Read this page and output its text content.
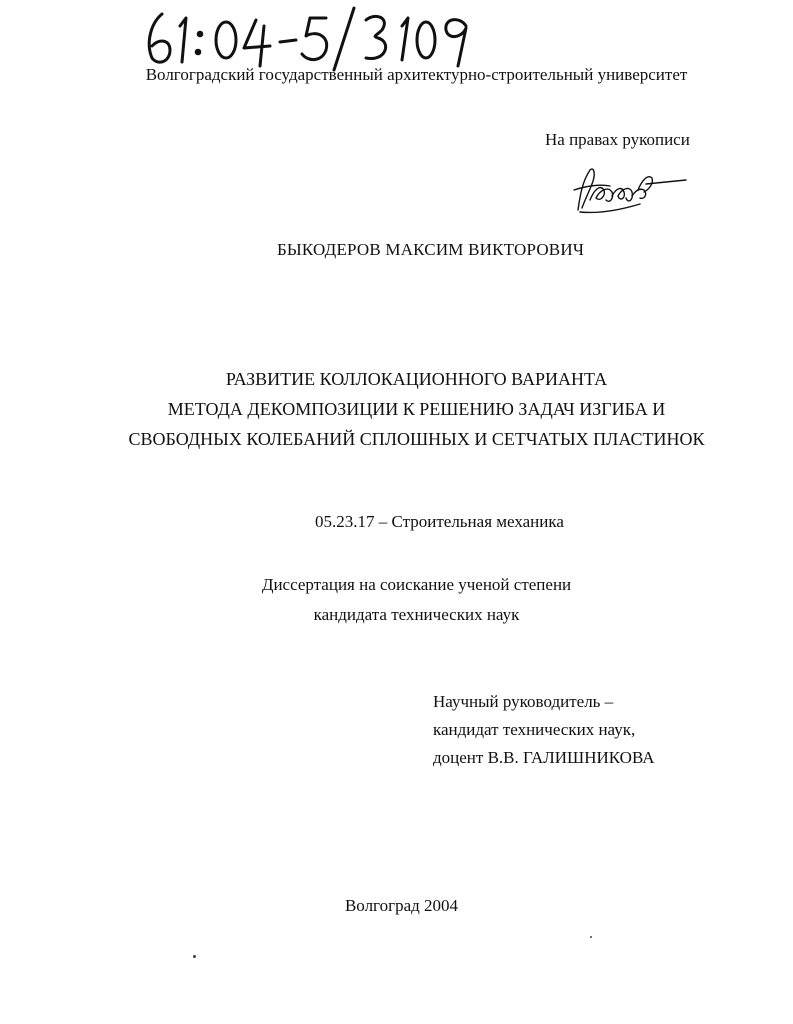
Волгоградский государственный архитектурно-строительный университет
На правах рукописи
БЫКОДЕРОВ МАКСИМ ВИКТОРОВИЧ
РАЗВИТИЕ КОЛЛОКАЦИОННОГО ВАРИАНТА
МЕТОДА ДЕКОМПОЗИЦИИ К РЕШЕНИЮ ЗАДАЧ ИЗГИБА И
СВОБОДНЫХ КОЛЕБАНИЙ СПЛОШНЫХ И СЕТЧАТЫХ ПЛАСТИНОК
05.23.17 – Строительная механика
Диссертация на соискание ученой степени
кандидата технических наук
Научный руководитель –
кандидат технических наук,
доцент В.В. ГАЛИШНИКОВА
Волгоград 2004
